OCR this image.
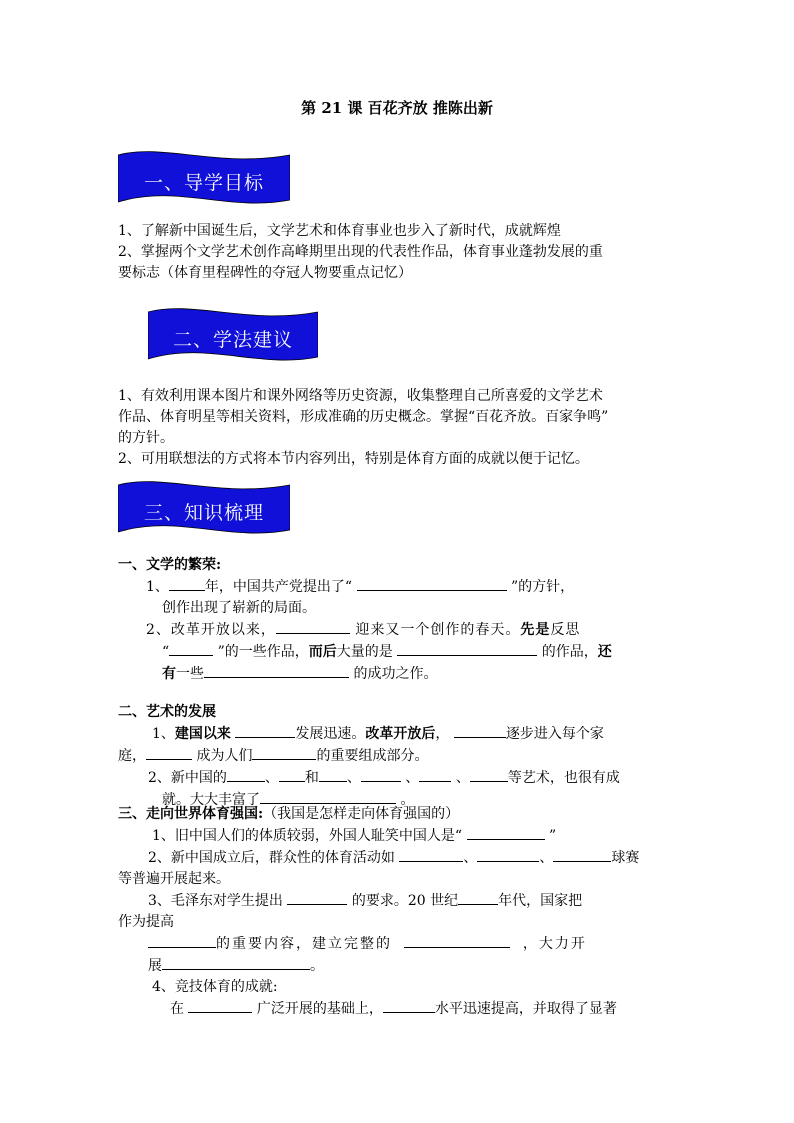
第 21 课 百花齐放 推陈出新
一、导学目标

1、了解新中国诞生后，文学艺术和体育事业也步入了新时代，成就辉煌

2、掌握两个文学艺术创作高峰期里出现的代表性作品，体育事业蓬勃发展的重

要标志（体育里程碑性的夺冠人物要重点记忆）

二、学法建议

1、有效利用课本图片和课外网络等历史资源，收集整理自己所喜爱的文学艺术

作品、体育明星等相关资料，形成准确的历史概念。掌握“百花齐放。百家争鸣”

的方针。

2、可用联想法的方式将本节内容列出，特别是体育方面的成就以便于记忆。

三、知识梳理

一、文学的繁荣:

1、	年，中国共产党提出了“	”的方针，

创作出现了崭新的局面。

2、改革开放以来，	迎来又一个创作的春天。先是反思

“	”的一些作品，而后大量的是	的作品，还

有一些	的成功之作。

二、艺术的发展

1、建国以来	发展迅速。改革开放后，	逐步进入每个家

庭，	成为人们	的重要组成部分。

2、新中国的	、 和 、	、	、	等艺术，也很有成

就。大大丰富了	。

三、走向世界体育强国:（我国是怎样走向体育强国的）

1、旧中国人们的体质较弱，外国人耻笑中国人是“	”

2、新中国成立后，群众性的体育活动如	、	、	球赛

等普遍开展起来。

3、毛泽东对学生提出	的要求。20 世纪	年代，国家把

作为提高

的重要内容，建立完整的	，大力开

展	。

4、竞技体育的成就:

在	广泛开展的基础上，	水平迅速提高，并取得了显著
